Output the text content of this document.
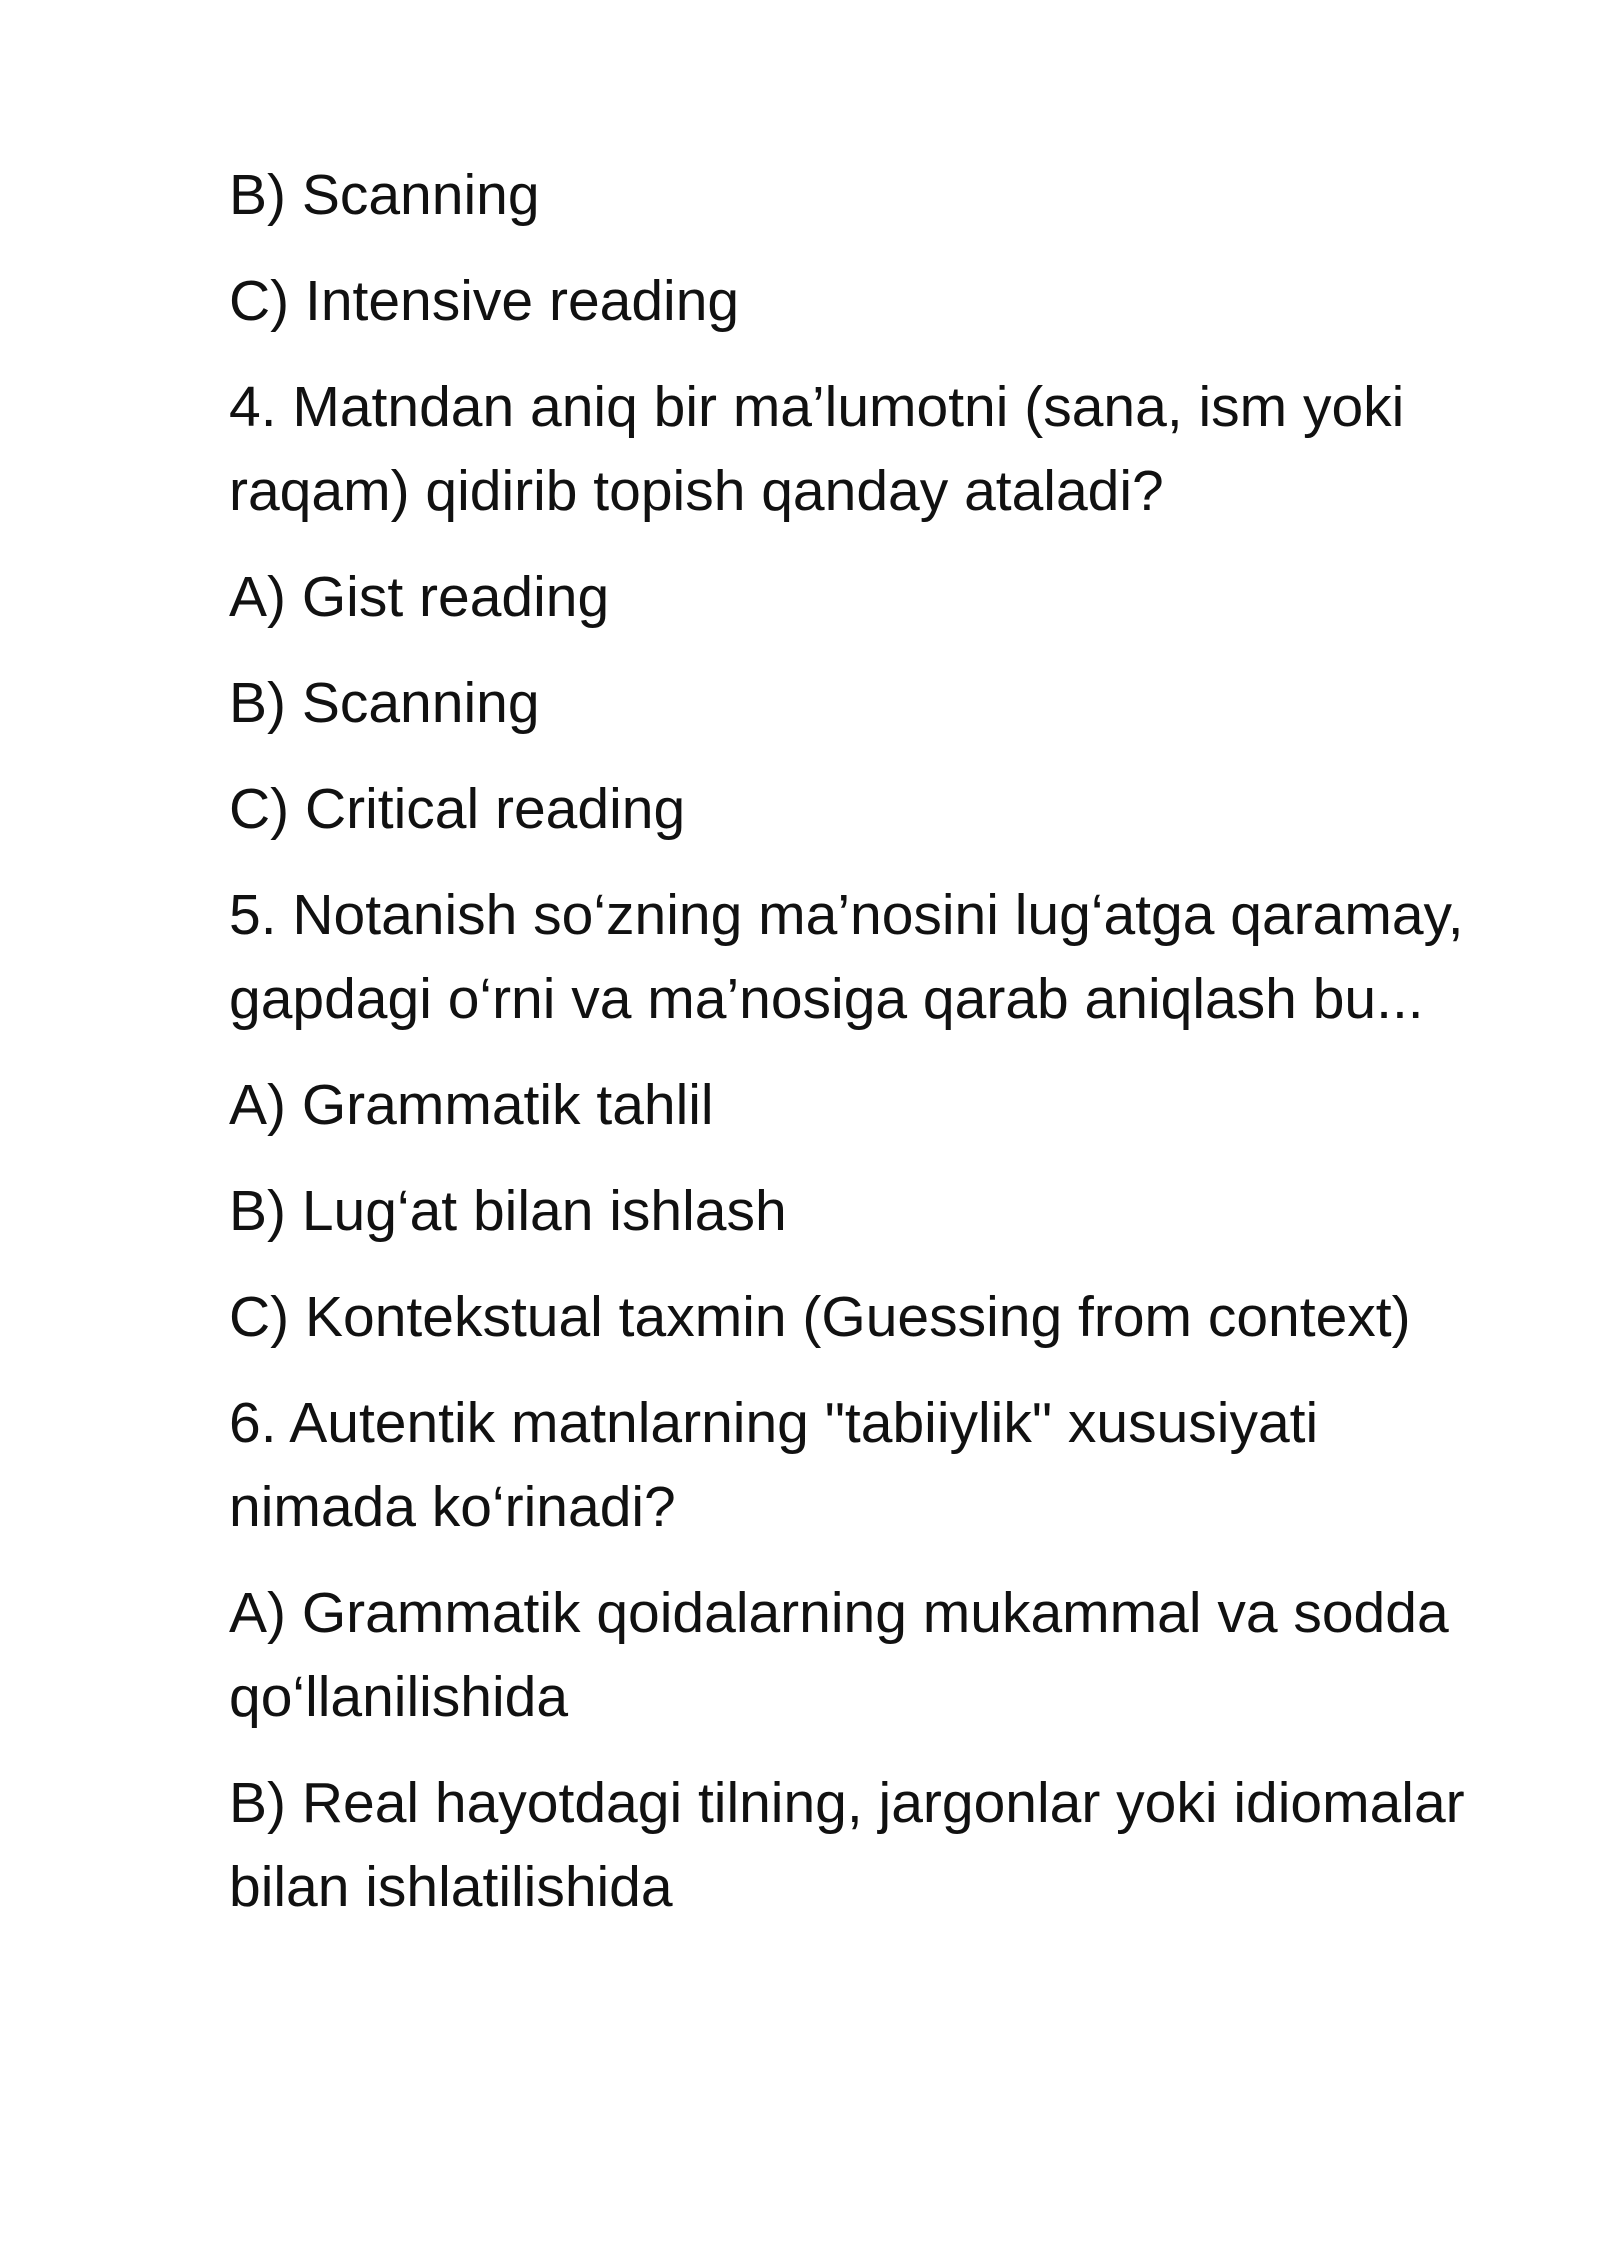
B) Scanning

C) Intensive reading

4. Matndan aniq bir ma’lumotni (sana, ism yoki raqam) qidirib topish qanday ataladi?

A) Gist reading

B) Scanning

C) Critical reading

5. Notanish so‘zning ma’nosini lug‘atga qaramay, gapdagi o‘rni va ma’nosiga qarab aniqlash bu...

A) Grammatik tahlil

B) Lug‘at bilan ishlash

C) Kontekstual taxmin (Guessing from context)

6. Autentik matnlarning "tabiiylik" xususiyati nimada ko‘rinadi?

A) Grammatik qoidalarning mukammal va sodda qo‘llanilishida

B) Real hayotdagi tilning, jargonlar yoki idiomalar bilan ishlatilishida
